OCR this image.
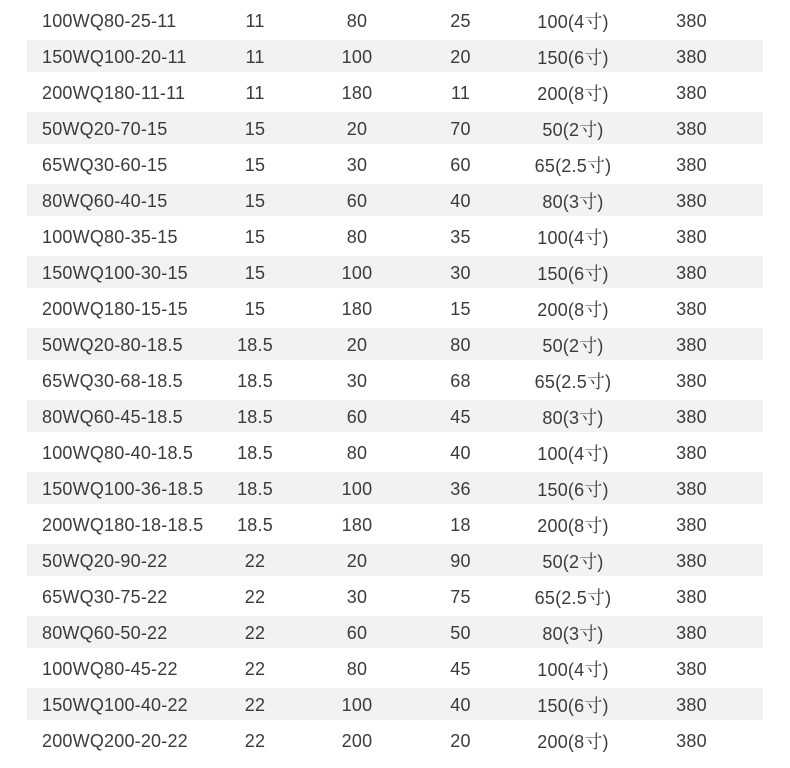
100WQ80-25-11	11	80	25	100(4寸)	380
150WQ100-20-11	11	100	20	150(6寸)	380
200WQ180-11-11	11	180	11	200(8寸)	380
50WQ20-70-15	15	20	70	50(2寸)	380
65WQ30-60-15	15	30	60	65(2.5寸)	380
80WQ60-40-15	15	60	40	80(3寸)	380
100WQ80-35-15	15	80	35	100(4寸)	380
150WQ100-30-15	15	100	30	150(6寸)	380
200WQ180-15-15	15	180	15	200(8寸)	380
50WQ20-80-18.5	18.5	20	80	50(2寸)	380
65WQ30-68-18.5	18.5	30	68	65(2.5寸)	380
80WQ60-45-18.5	18.5	60	45	80(3寸)	380
100WQ80-40-18.5	18.5	80	40	100(4寸)	380
150WQ100-36-18.5	18.5	100	36	150(6寸)	380
200WQ180-18-18.5	18.5	180	18	200(8寸)	380
50WQ20-90-22	22	20	90	50(2寸)	380
65WQ30-75-22	22	30	75	65(2.5寸)	380
80WQ60-50-22	22	60	50	80(3寸)	380
100WQ80-45-22	22	80	45	100(4寸)	380
150WQ100-40-22	22	100	40	150(6寸)	380
200WQ200-20-22	22	200	20	200(8寸)	380
